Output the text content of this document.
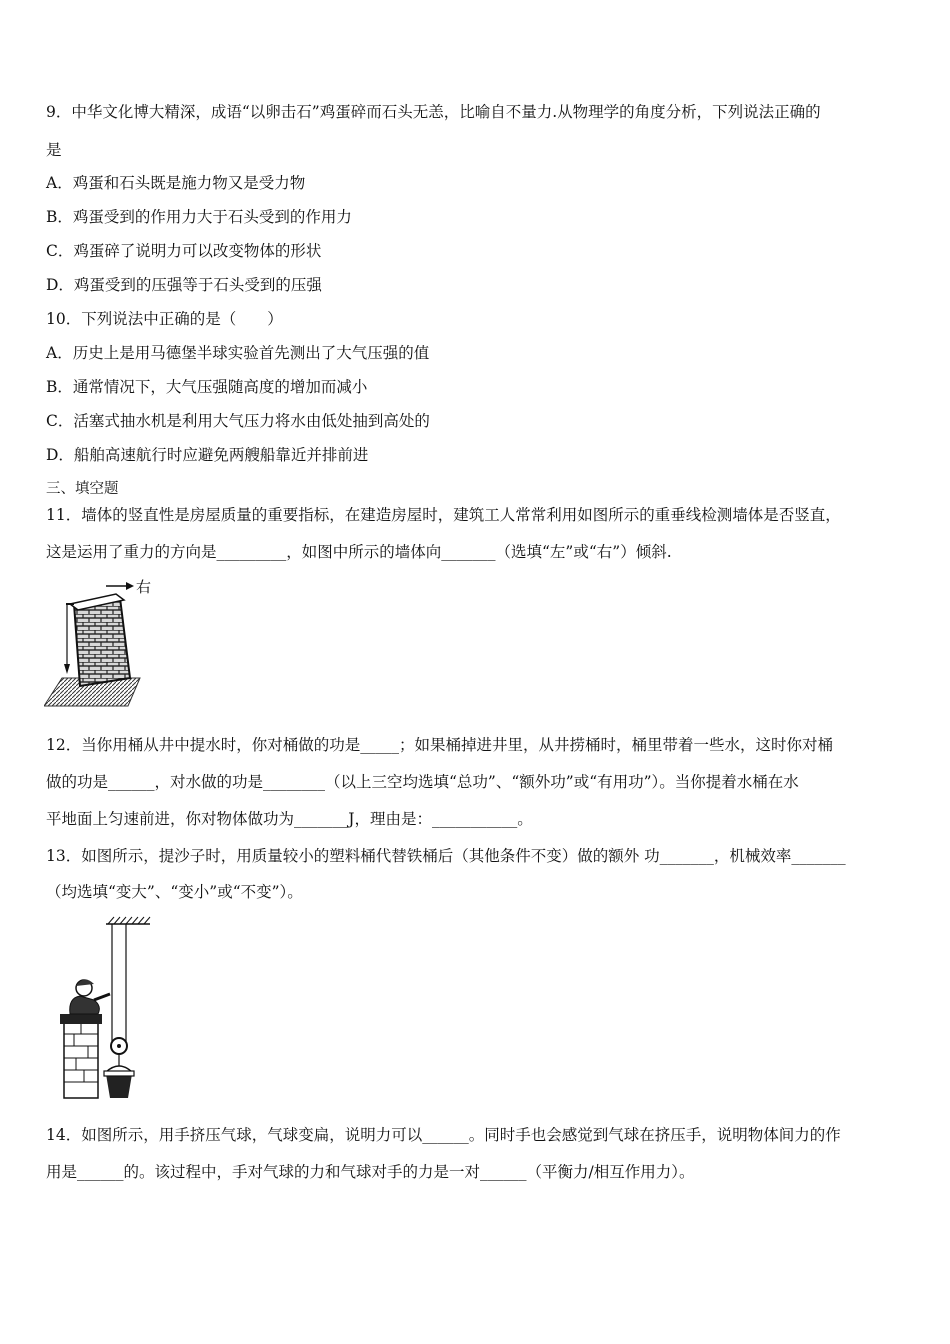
9．中华文化博大精深，成语“以卵击石”鸡蛋碎而石头无恙，比喻自不量力.从物理学的角度分析，下列说法正确的
是
A．鸡蛋和石头既是施力物又是受力物
B．鸡蛋受到的作用力大于石头受到的作用力
C．鸡蛋碎了说明力可以改变物体的形状
D．鸡蛋受到的压强等于石头受到的压强
10．下列说法中正确的是（　　）
A．历史上是用马德堡半球实验首先测出了大气压强的值
B．通常情况下，大气压强随高度的增加而减小
C．活塞式抽水机是利用大气压力将水由低处抽到高处的
D．船舶高速航行时应避免两艘船靠近并排前进
三、填空题
11．墙体的竖直性是房屋质量的重要指标，在建造房屋时，建筑工人常常利用如图所示的重垂线检测墙体是否竖直，
这是运用了重力的方向是_________，如图中所示的墙体向_______（选填“左”或“右”）倾斜.
右
12．当你用桶从井中提水时，你对桶做的功是_____；如果桶掉进井里，从井捞桶时，桶里带着一些水，这时你对桶
做的功是______，对水做的功是________（以上三空均选填“总功”、“额外功”或“有用功”）。当你提着水桶在水
平地面上匀速前进，你对物体做功为_______J，理由是：___________。
13．如图所示，提沙子时，用质量较小的塑料桶代替铁桶后（其他条件不变）做的额外 功_______，机械效率_______
（均选填“变大”、“变小”或“不变”）。
14．如图所示，用手挤压气球，气球变扁，说明力可以______。同时手也会感觉到气球在挤压手，说明物体间力的作
用是______的。该过程中，手对气球的力和气球对手的力是一对______（平衡力/相互作用力）。
